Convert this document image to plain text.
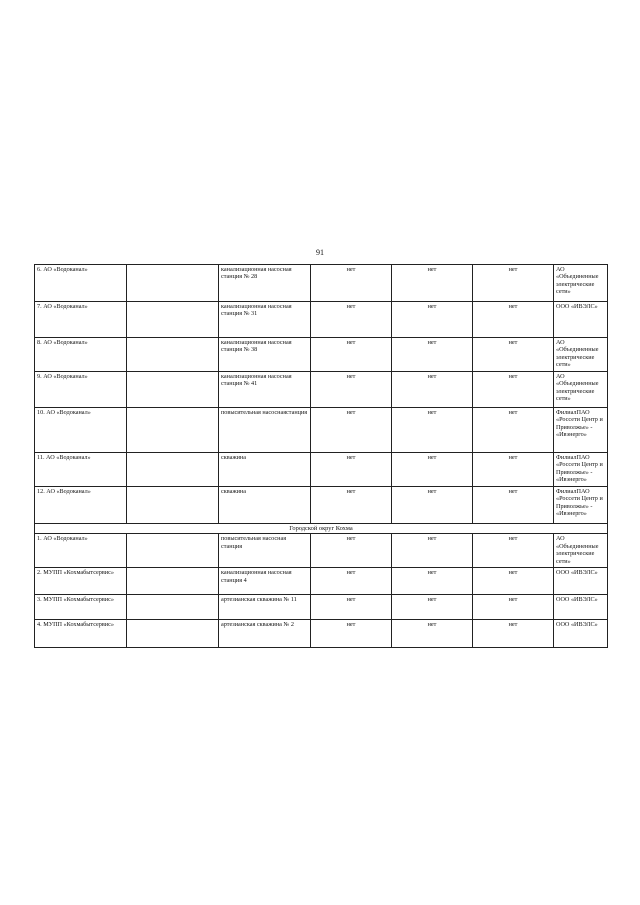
91
6. АО «Водоканал»		канализационная насосная станция № 28	нет	нет	нет	АО «Объединенные электрические сети»
7. АО «Водоканал»		канализационная насосная станция № 31	нет	нет	нет	ООО «ИВЭЛС»
8. АО «Водоканал»		канализационная насосная станция № 38	нет	нет	нет	АО «Объединенные электрические сети»
9. АО «Водоканал»		канализационная насосная станция № 41	нет	нет	нет	АО «Объединенные электрические сети»
10. АО «Водоканал»		повысительная насоснаястанция	нет	нет	нет	ФилиалПАО «Россети Центр и Приволжье» - «Ивэнерго»
11. АО «Водоканал»		скважина	нет	нет	нет	ФилиалПАО «Россети Центр и Приволжье» - «Ивэнерго»
12. АО «Водоканал»		скважина	нет	нет	нет	ФилиалПАО «Россети Центр и Приволжье» - «Ивэнерго»
Городской округ Кохма						
1. АО «Водоканал»		повысительная насосная станция	нет	нет	нет	АО «Объединенные электрические сети»
2. МУПП «Кохмабытсервис»		канализационная насосная станция 4	нет	нет	нет	ООО «ИВЭЛС»
3. МУПП «Кохмабытсервис»		артезианская скважина № 11	нет	нет	нет	ООО «ИВЭЛС»
4. МУПП «Кохмабытсервис»		артезианская скважина № 2	нет	нет	нет	ООО «ИВЭЛС»
